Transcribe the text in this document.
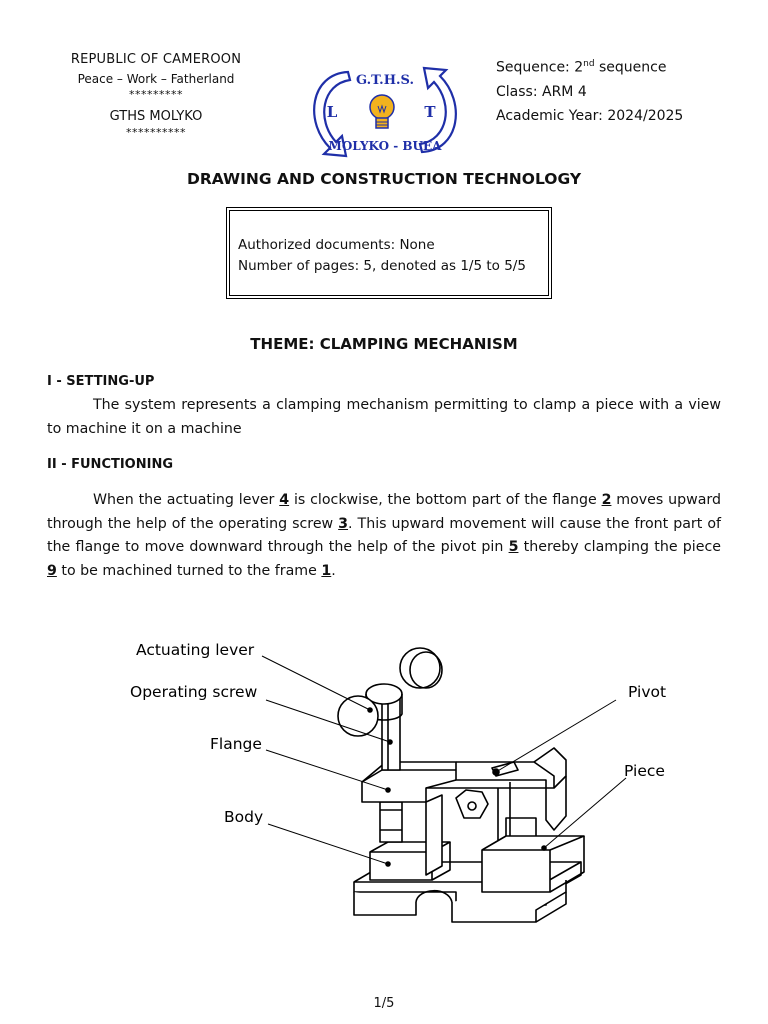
REPUBLIC OF CAMEROON
Peace – Work – Fatherland
*********
GTHS MOLYKO
**********
G.T.H.S.
L	T
MOLYKO - BUEA
Sequence: 2nd sequence
Class: ARM 4
Academic Year: 2024/2025
DRAWING AND CONSTRUCTION TECHNOLOGY
Authorized documents: None
Number of pages: 5, denoted as 1/5 to 5/5
THEME: CLAMPING MECHANISM
I - SETTING-UP
The system represents a clamping mechanism permitting to clamp a piece with a view to machine it on a machine
II - FUNCTIONING
When the actuating lever 4 is clockwise, the bottom part of the flange 2 moves upward through the help of the operating screw 3. This upward movement will cause the front part of the flange to move downward through the help of the pivot pin 5 thereby clamping the piece 9 to be machined turned to the frame 1.
Actuating lever
Operating screw
Flange
Body
Pivot
Piece
1/5
